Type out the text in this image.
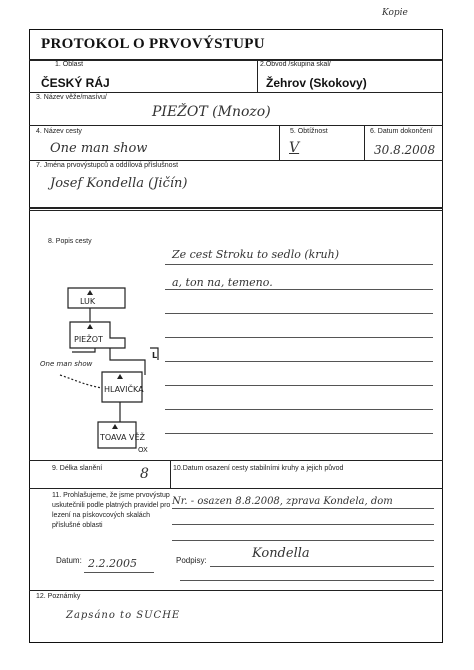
Kopie
PROTOKOL O PRVOVÝSTUPU
1. Oblast
ČESKÝ RÁJ
2.Obvod /skupina skal/
Žehrov (Skokovy)
3. Název věže/masívu/
PIEŽOT (Mnozo)
4. Název cesty
One man show
5. Obtížnost
V
6. Datum dokončení
30.8.2008
7. Jména prvovýstupců a oddílová příslušnost
Josef Kondella (Jičín)
8. Popis cesty
Ze cest Stroku to sedlo (kruh)
a, ton na, temeno.
LUK
PIEŽOT
HLAVIČKA
TOAVA VĚŽ
One man show
L
OX
9. Délka slanění	8	10.Datum osazení cesty stabilními kruhy a jejich původ
11. Prohlašujeme, že jsme prvovýstup uskutečnili podle platných pravidel pro lezení na pískovcových skalách příslušné oblasti
Nr. - osazen 8.8.2008, zprava Kondela, dom
Datum: 2.2.2005	Podpisy:	Kondella
12. Poznámky
Zapsáno to SUCHE
